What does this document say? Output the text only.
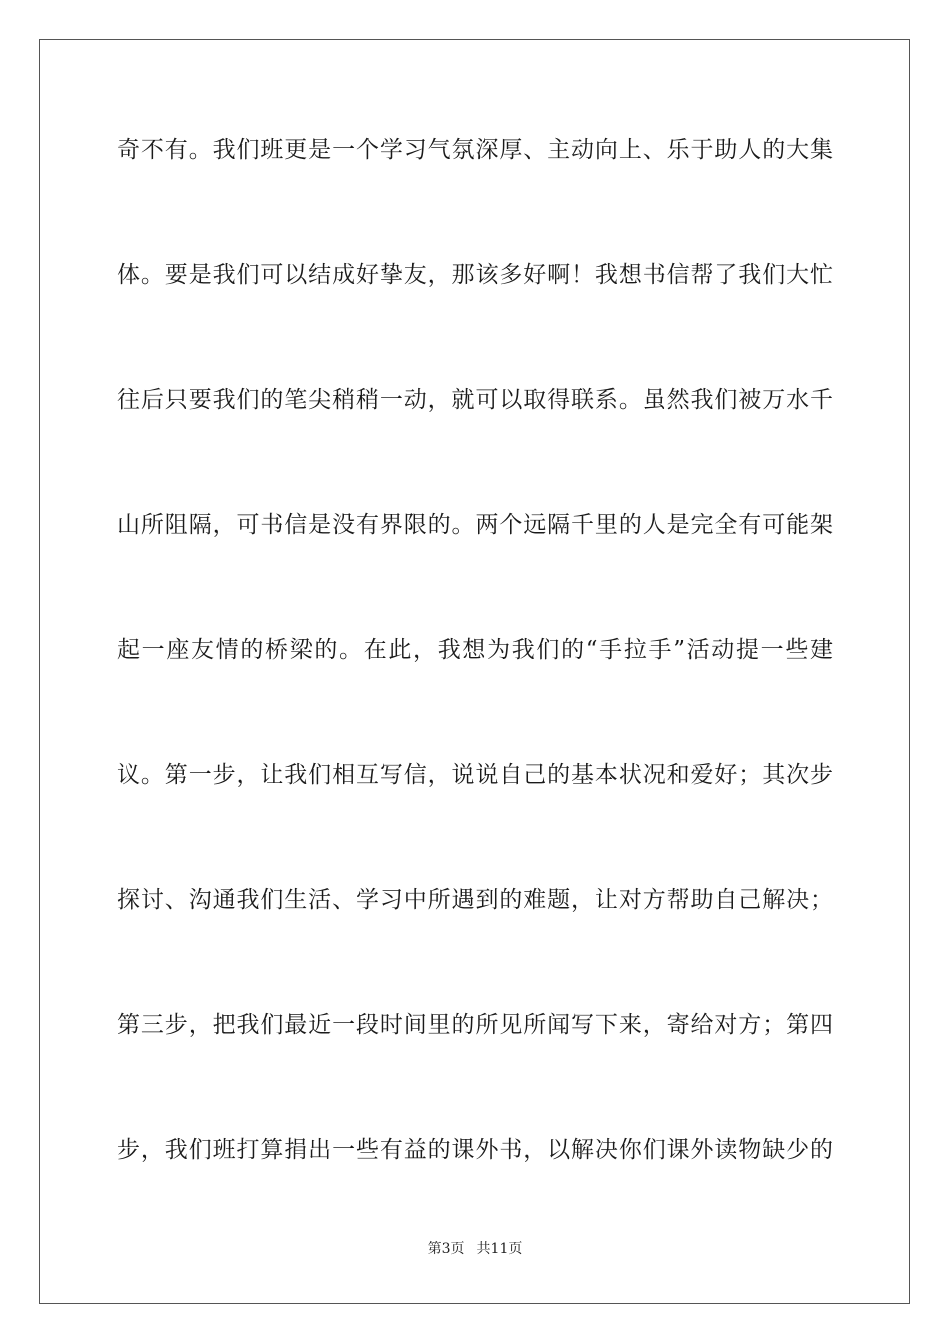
奇不有。我们班更是一个学习气氛深厚、主动向上、乐于助人的大集
体。要是我们可以结成好挚友，那该多好啊！我想书信帮了我们大忙
往后只要我们的笔尖稍稍一动，就可以取得联系。虽然我们被万水千
山所阻隔，可书信是没有界限的。两个远隔千里的人是完全有可能架
起一座友情的桥梁的。在此，我想为我们的“手拉手”活动提一些建
议。第一步，让我们相互写信，说说自己的基本状况和爱好；其次步
探讨、沟通我们生活、学习中所遇到的难题，让对方帮助自己解决；
第三步，把我们最近一段时间里的所见所闻写下来，寄给对方；第四
步，我们班打算捐出一些有益的课外书，以解决你们课外读物缺少的
第3页 共11页
